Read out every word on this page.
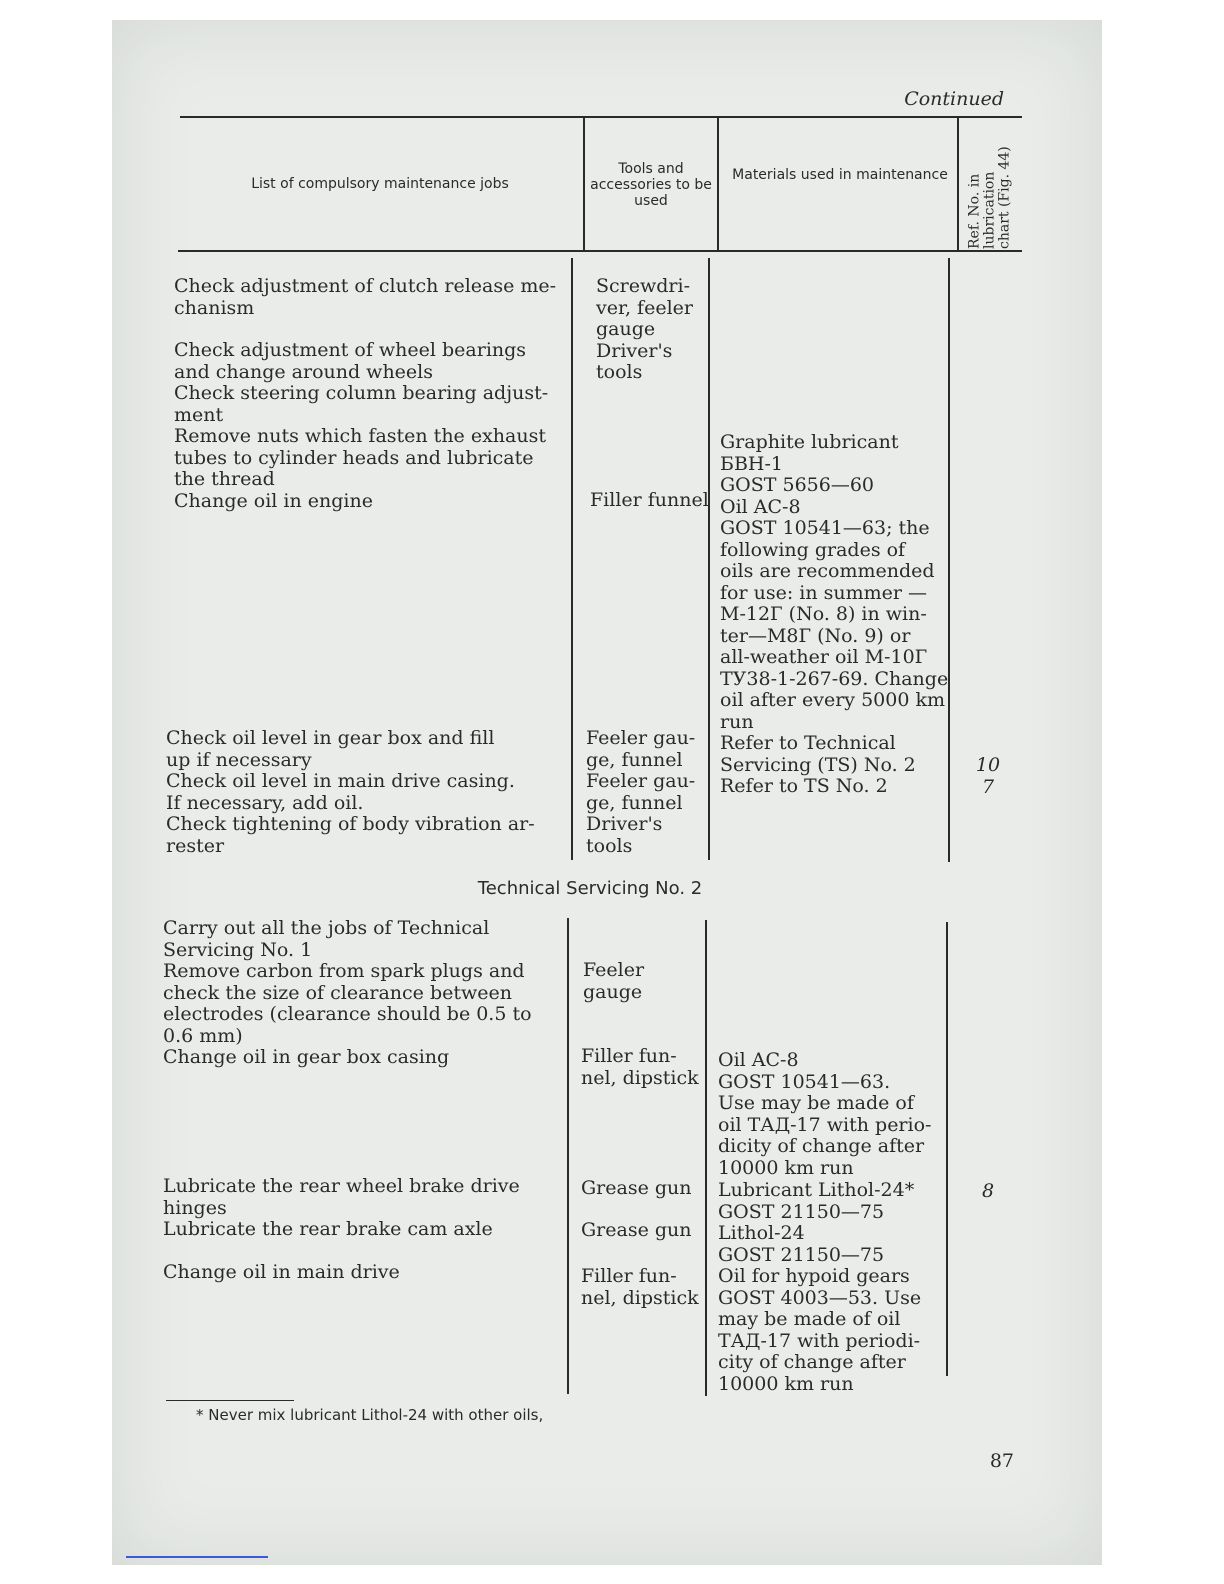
Continued
List of compulsory maintenance jobs
Tools and accessories to be used
Materials used in maintenance	Ref. No. in lubrication chart (Fig. 44)
Check adjustment of clutch release me-
chanism
Check adjustment of wheel bearings
and change around wheels
Check steering column bearing adjust-
ment
Remove nuts which fasten the exhaust
tubes to cylinder heads and lubricate
the thread
Change oil in engine
Check oil level in gear box and fill
up if necessary
Check oil level in main drive casing.
If necessary, add oil.
Check tightening of body vibration ar-
rester
Screwdri-
ver, feeler
gauge
Driver's
tools
Filler funnel
Feeler gau-
ge, funnel
Feeler gau-
ge, funnel
Driver's
tools
Graphite lubricant
БВН-1
GOST 5656—60
Oil AC-8
GOST 10541—63; the
following grades of
oils are recommended
for use: in summer —
М-12Г (No. 8) in win-
ter—М8Г (No. 9) or
all-weather oil М-10Г
ТУ38-1-267-69. Change
oil after every 5000 km
run
Refer to Technical
Servicing (TS) No. 2
Refer to TS No. 2
10
7
Technical Servicing No. 2
Carry out all the jobs of Technical
Servicing No. 1
Remove carbon from spark plugs and
check the size of clearance between
electrodes (clearance should be 0.5 to
0.6 mm)
Change oil in gear box casing
Lubricate the rear wheel brake drive
hinges
Lubricate the rear brake cam axle
Change oil in main drive
Feeler
gauge
Filler fun-
nel, dipstick
Grease gun
Grease gun
Filler fun-
nel, dipstick
Oil AC-8
GOST 10541—63.
Use may be made of
oil ТАД-17 with perio-
dicity of change after
10000 km run
Lubricant Lithol-24*
GOST 21150—75
Lithol-24
GOST 21150—75
Oil for hypoid gears
GOST 4003—53. Use
may be made of oil
ТАД-17 with periodi-
city of change after
10000 km run
8
* Never mix lubricant Lithol-24 with other oils,
87
